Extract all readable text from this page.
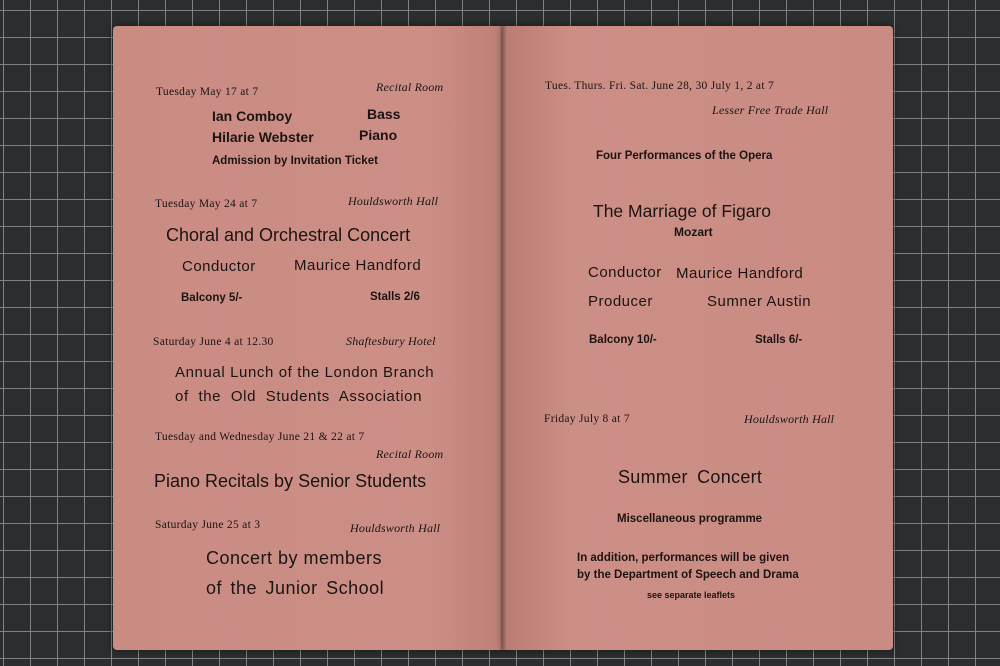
Tuesday May 17 at 7	Recital Room
Ian Comboy	Bass
Hilarie Webster	Piano
Admission by Invitation Ticket
Tuesday May 24 at 7	Houldsworth Hall
Choral and Orchestral Concert
Conductor	Maurice Handford
Balcony 5/-	Stalls 2/6
Saturday June 4 at 12.30	Shaftesbury Hotel
Annual Lunch of the London Branch
of the Old Students Association
Tuesday and Wednesday June 21 & 22 at 7
Recital Room
Piano Recitals by Senior Students
Saturday June 25 at 3	Houldsworth Hall
Concert by members
of the Junior School
Tues. Thurs. Fri. Sat. June 28, 30 July 1, 2 at 7
Lesser Free Trade Hall
Four Performances of the Opera
The Marriage of Figaro
Mozart
Conductor Maurice Handford
Producer	Sumner Austin
Balcony 10/-	Stalls 6/-
Friday July 8 at 7	Houldsworth Hall
Summer Concert
Miscellaneous programme
In addition, performances will be given
by the Department of Speech and Drama
see separate leaflets
